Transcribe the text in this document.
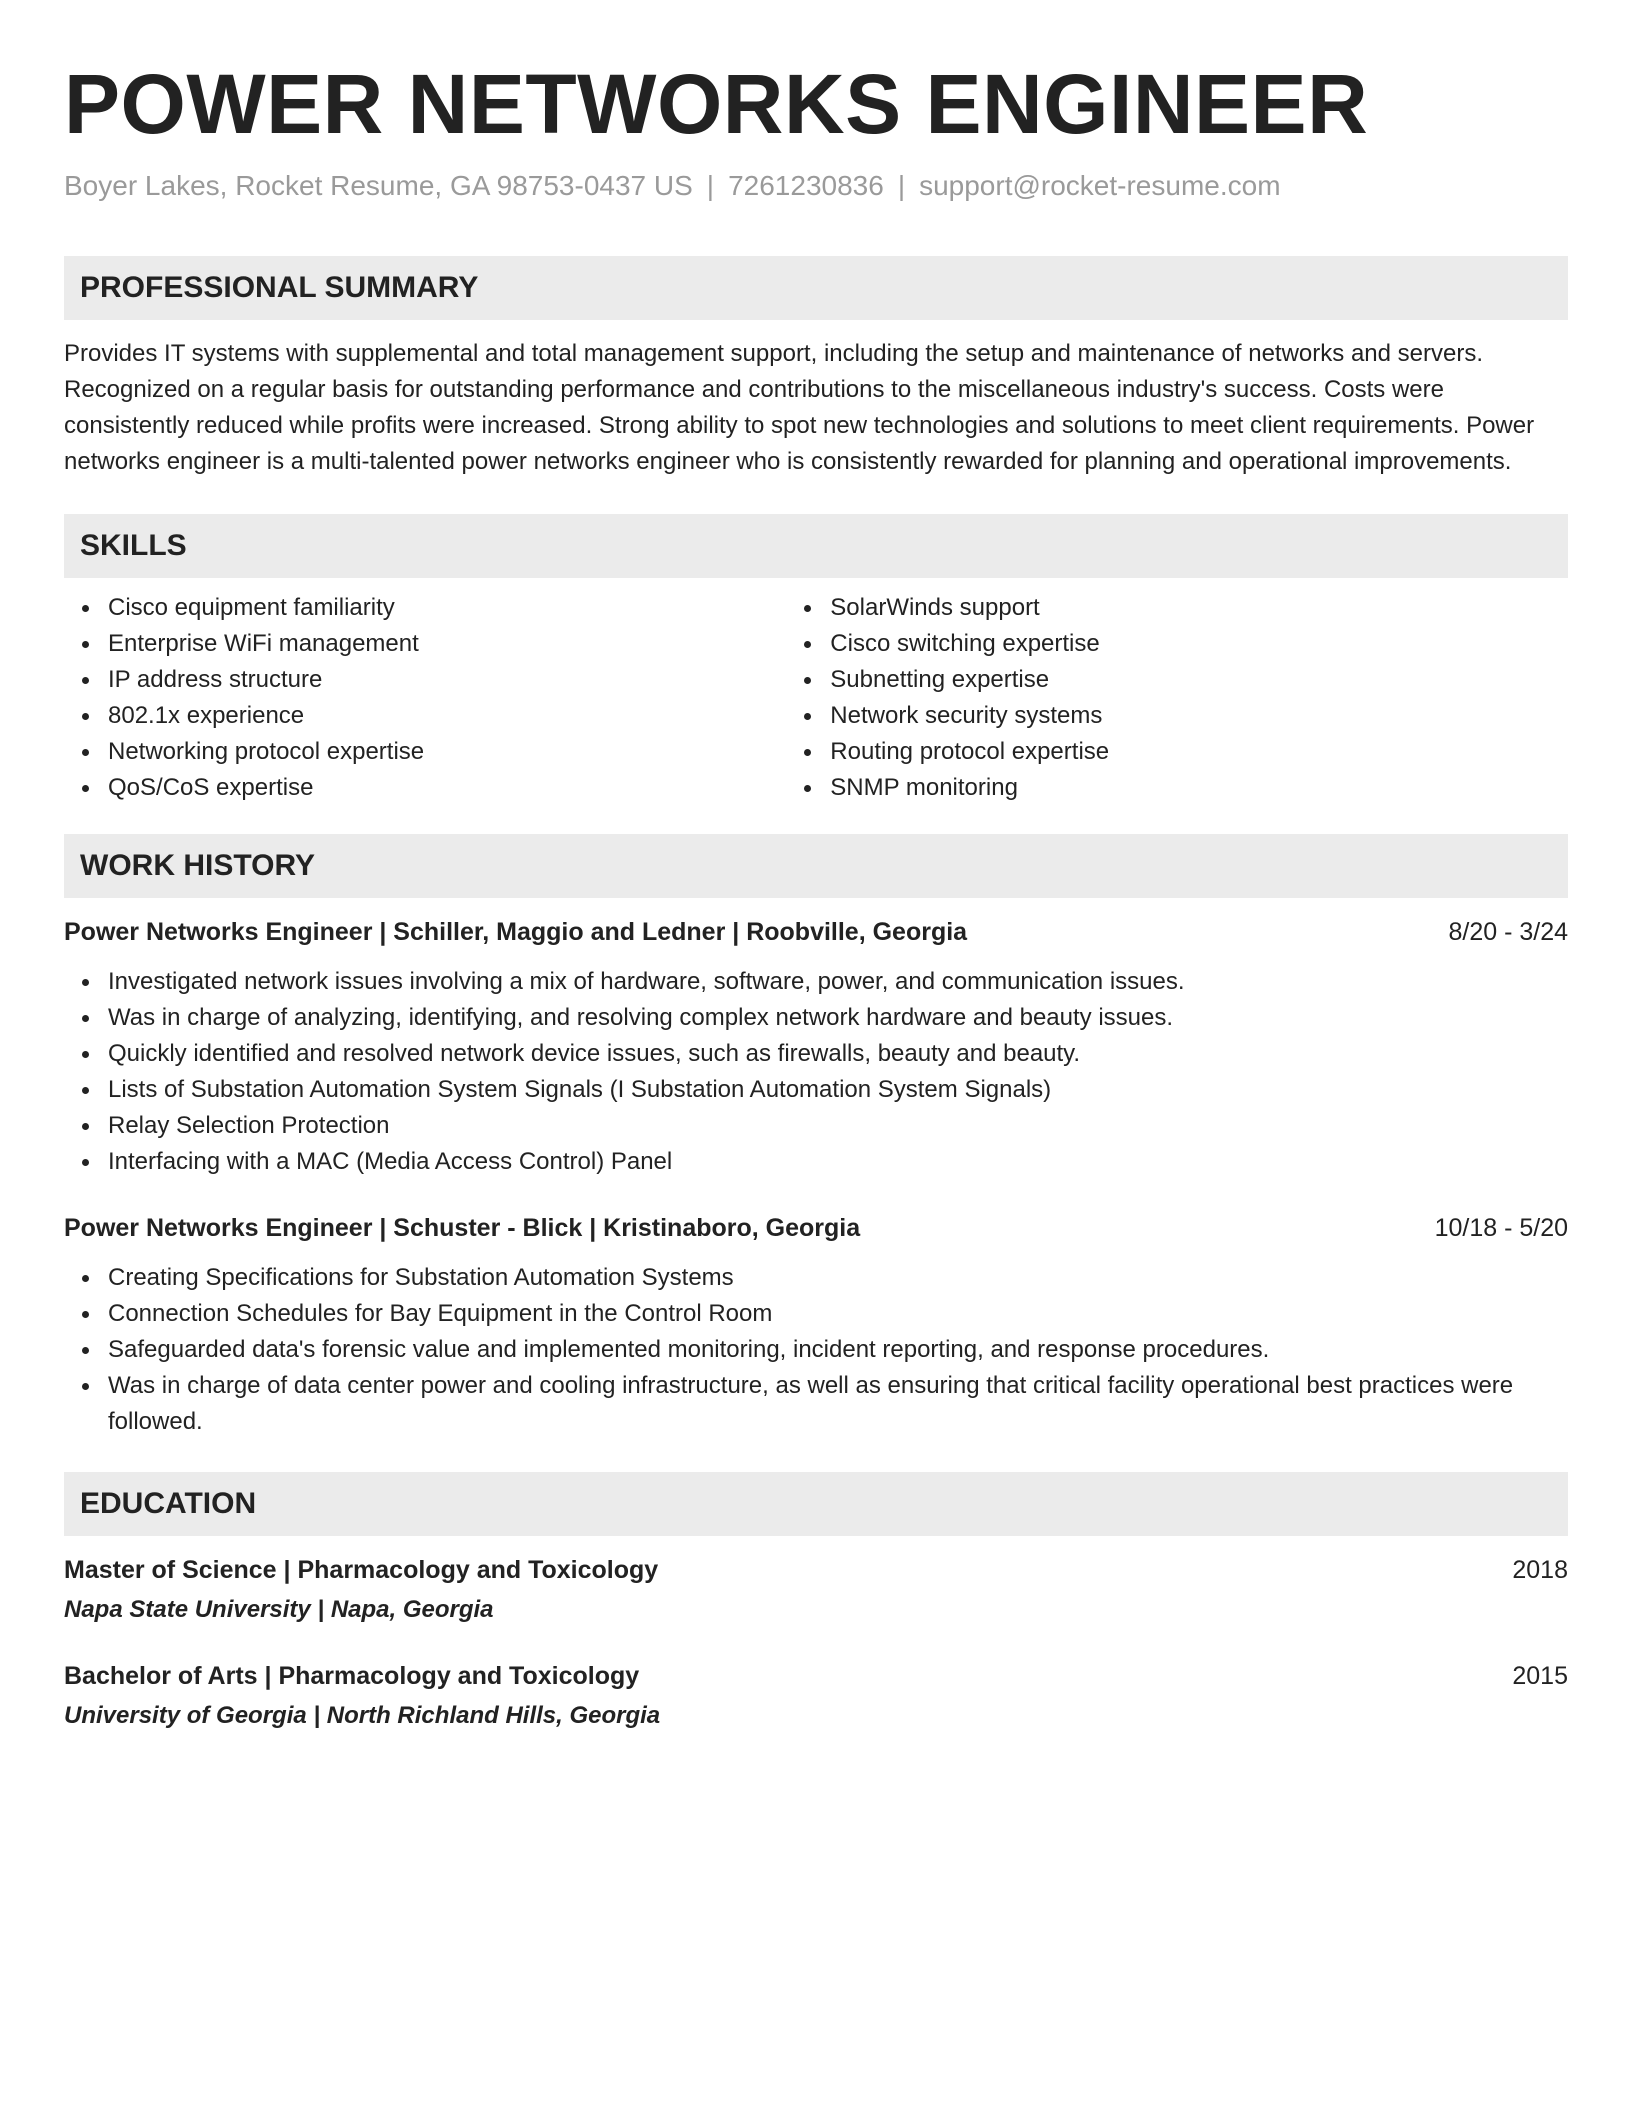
POWER NETWORKS ENGINEER
Boyer Lakes, Rocket Resume, GA 98753-0437 US | 7261230836 | support@rocket-resume.com
PROFESSIONAL SUMMARY

Provides IT systems with supplemental and total management support, including the setup and maintenance of networks and servers. Recognized on a regular basis for outstanding performance and contributions to the miscellaneous industry's success. Costs were consistently reduced while profits were increased. Strong ability to spot new technologies and solutions to meet client requirements. Power networks engineer is a multi-talented power networks engineer who is consistently rewarded for planning and operational improvements.

SKILLS
Cisco equipment familiarity
Enterprise WiFi management
IP address structure
802.1x experience
Networking protocol expertise
QoS/CoS expertise
SolarWinds support
Cisco switching expertise
Subnetting expertise
Network security systems
Routing protocol expertise
SNMP monitoring
WORK HISTORY
Power Networks Engineer | Schiller, Maggio and Ledner | Roobville, Georgia	8/20 - 3/24
Investigated network issues involving a mix of hardware, software, power, and communication issues.
Was in charge of analyzing, identifying, and resolving complex network hardware and beauty issues.
Quickly identified and resolved network device issues, such as firewalls, beauty and beauty.
Lists of Substation Automation System Signals (I Substation Automation System Signals)
Relay Selection Protection
Interfacing with a MAC (Media Access Control) Panel
Power Networks Engineer | Schuster - Blick | Kristinaboro, Georgia	10/18 - 5/20
Creating Specifications for Substation Automation Systems
Connection Schedules for Bay Equipment in the Control Room
Safeguarded data's forensic value and implemented monitoring, incident reporting, and response procedures.
Was in charge of data center power and cooling infrastructure, as well as ensuring that critical facility operational best practices were followed.
EDUCATION
Master of Science | Pharmacology and Toxicology	2018
Napa State University | Napa, Georgia
Bachelor of Arts | Pharmacology and Toxicology	2015
University of Georgia | North Richland Hills, Georgia
